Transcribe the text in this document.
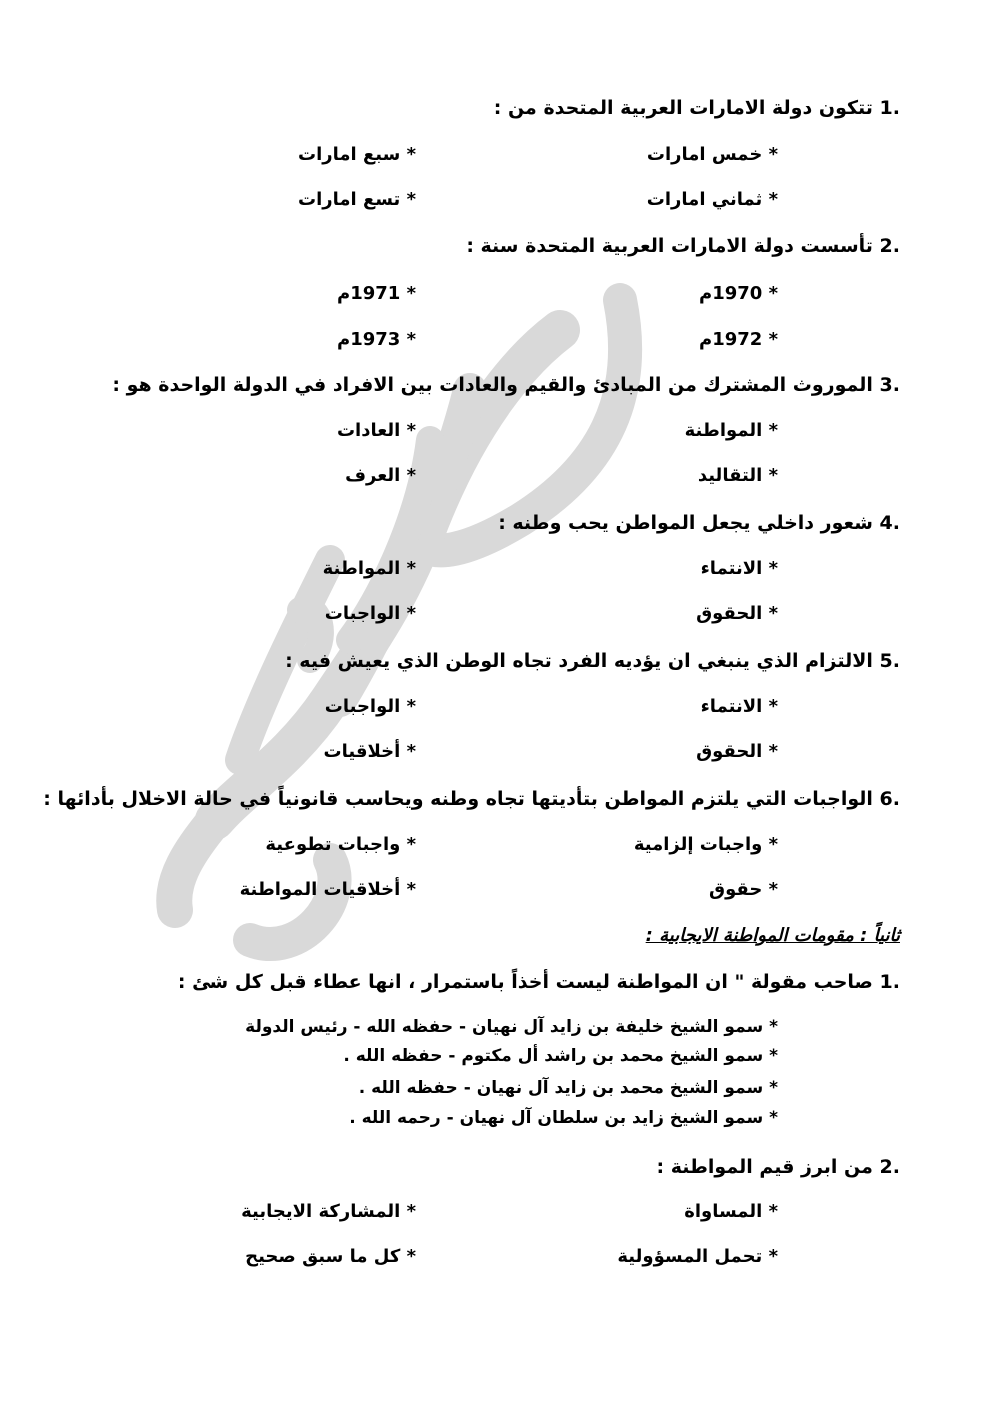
1. تتكون دولة الامارات العربية المتحدة من :
* خمس امارات
* سبع امارات
* ثماني امارات
* تسع امارات
2. تأسست دولة الامارات العربية المتحدة سنة :
* 1970م
* 1971م
* 1972م
* 1973م
3. الموروث المشترك من المبادئ والقيم والعادات بين الافراد في الدولة الواحدة هو :
* المواطنة
* العادات
* التقاليد
* العرف
4. شعور داخلي يجعل المواطن يحب وطنه :
* الانتماء
* المواطنة
* الحقوق
* الواجبات
5. الالتزام الذي ينبغي ان يؤديه الفرد تجاه الوطن الذي يعيش فيه :
* الانتماء
* الواجبات
* الحقوق
* أخلاقيات
6. الواجبات التي يلتزم المواطن بتأديتها تجاه وطنه ويحاسب قانونياً في حالة الاخلال بأدائها :
* واجبات إلزامية
* واجبات تطوعية
* حقوق
* أخلاقيات المواطنة
ثانياً : مقومات المواطنة الايجابية :
1. صاحب مقولة " ان المواطنة ليست أخذاً باستمرار ، انها عطاء قبل كل شئ :
* سمو الشيخ خليفة بن زايد آل نهيان - حفظه الله - رئيس الدولة
* سمو الشيخ محمد بن راشد أل مكتوم - حفظه الله .
* سمو الشيخ محمد بن زايد آل نهيان - حفظه الله .
* سمو الشيخ زايد بن سلطان آل نهيان - رحمه الله .
2. من ابرز قيم المواطنة :
* المساواة
* المشاركة الايجابية
* تحمل المسؤولية
* كل ما سبق صحيح
